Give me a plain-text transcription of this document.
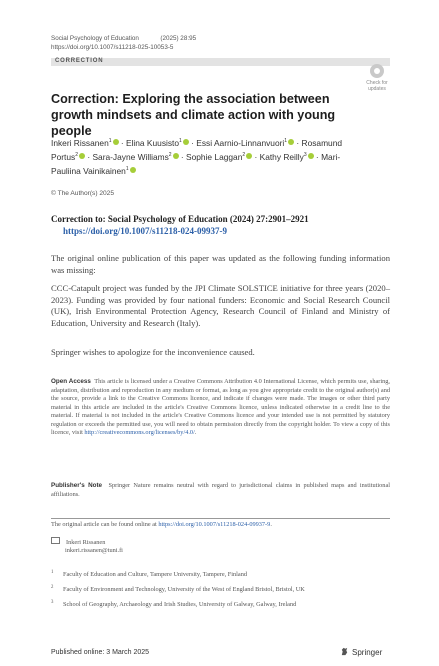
Social Psychology of Education	(2025) 28:95
https://doi.org/10.1007/s11218-025-10053-5
CORRECTION
Check for updates
Correction: Exploring the association between growth mindsets and climate action with young people
Inkeri Rissanen$^1$ · Elina Kuusisto$^1$ · Essi Aarnio-Linnanvuori$^1$ · Rosamund Portus$^2$ · Sara-Jayne Williams$^2$ · Sophie Laggan$^2$ · Kathy Reilly$^3$ · Mari-Pauliina Vainikainen$^1$
© The Author(s) 2025
Correction to: Social Psychology of Education (2024) 27:2901–2921
https://doi.org/10.1007/s11218-024-09937-9
The original online publication of this paper was updated as the following funding information was missing:
CCC-Catapult project was funded by the JPI Climate SOLSTICE initiative for three years (2020–2023). Funding was provided by four national funders: Economic and Social Research Council (UK), Irish Environmental Protection Agency, Research Council of Finland and Ministry of Education, University and Research (Italy).
Springer wishes to apologize for the inconvenience caused.
Open Access This article is licensed under a Creative Commons Attribution 4.0 International License, which permits use, sharing, adaptation, distribution and reproduction in any medium or format, as long as you give appropriate credit to the original author(s) and the source, provide a link to the Creative Commons licence, and indicate if changes were made. The images or other third party material in this article are included in the article's Creative Commons licence, unless indicated otherwise in a credit line to the material. If material is not included in the article's Creative Commons licence and your intended use is not permitted by statutory regulation or exceeds the permitted use, you will need to obtain permission directly from the copyright holder. To view a copy of this licence, visit http://creativecommons.org/licenses/by/4.0/.
Publisher's Note Springer Nature remains neutral with regard to jurisdictional claims in published maps and institutional affiliations.
The original article can be found online at https://doi.org/10.1007/s11218-024-09937-9.
Inkeri Rissanen
inkeri.rissanen@tuni.fi
1 Faculty of Education and Culture, Tampere University, Tampere, Finland
2 Faculty of Environment and Technology, University of the West of England Bristol, Bristol, UK
3 School of Geography, Archaeology and Irish Studies, University of Galway, Galway, Ireland
Published online: 3 March 2025	Springer
